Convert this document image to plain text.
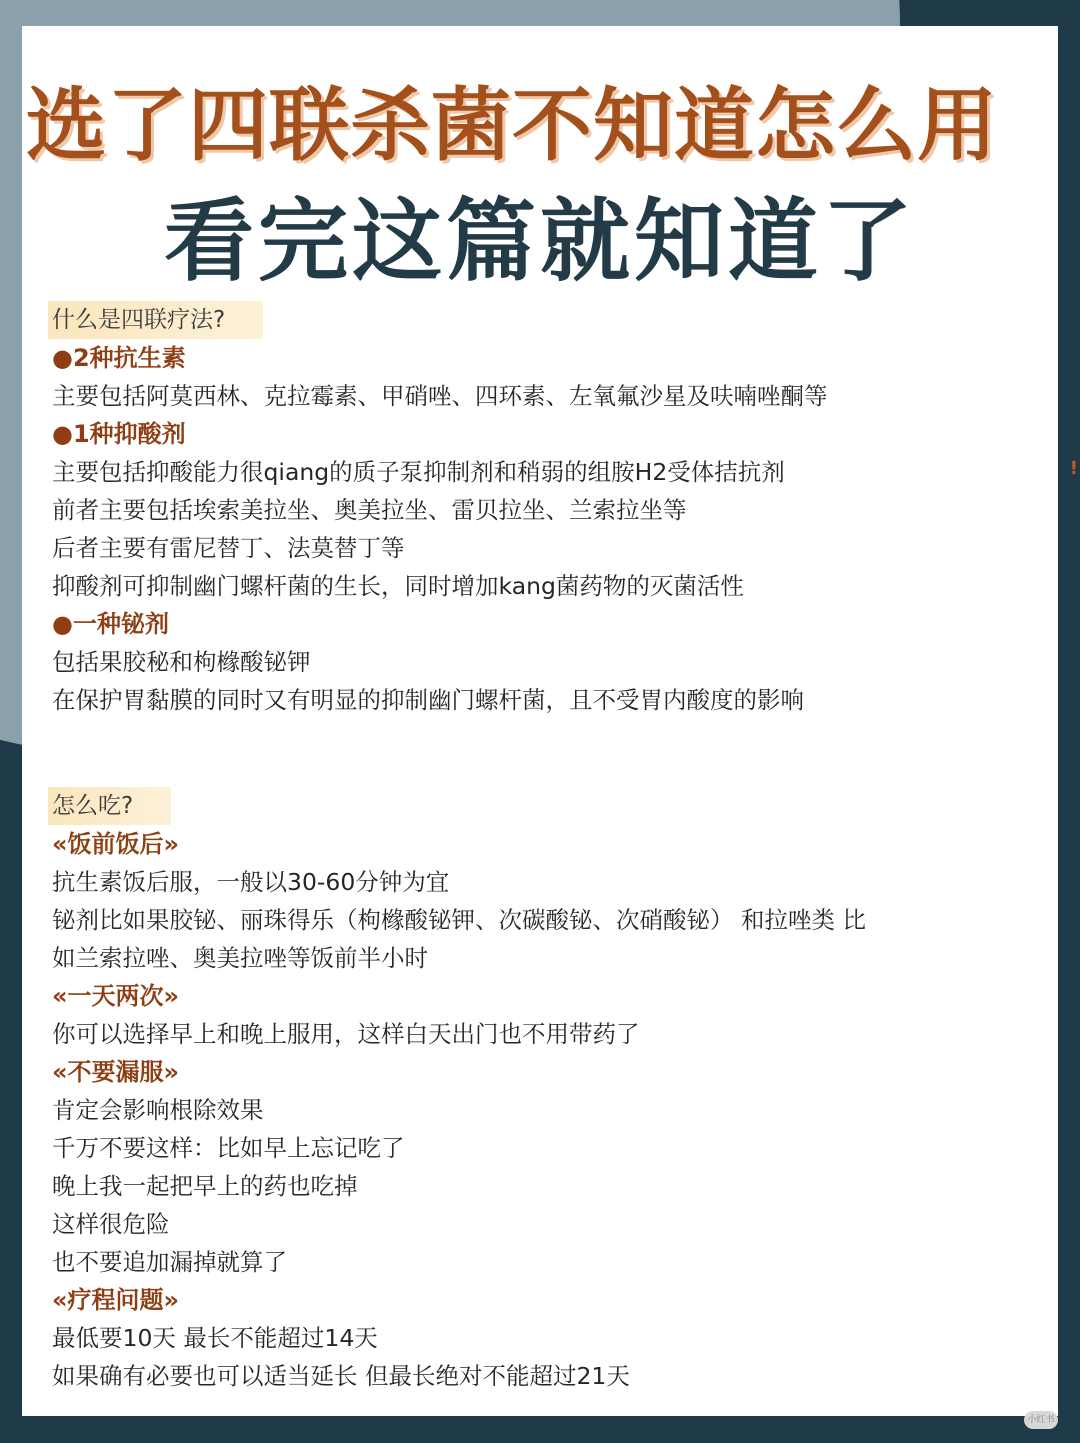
选了四联杀菌不知道怎么用
看完这篇就知道了
什么是四联疗法?
●2种抗生素
主要包括阿莫西林、克拉霉素、甲硝唑、四环素、左氧氟沙星及呋喃唑酮等
●1种抑酸剂
主要包括抑酸能力很qiang的质子泵抑制剂和稍弱的组胺H2受体拮抗剂
前者主要包括埃索美拉坐、奥美拉坐、雷贝拉坐、兰索拉坐等
后者主要有雷尼替丁、法莫替丁等
抑酸剂可抑制幽门螺杆菌的生长，同时增加kang菌药物的灭菌活性
●一种铋剂
包括果胶秘和枸橼酸铋钾
在保护胃黏膜的同时又有明显的抑制幽门螺杆菌，且不受胃内酸度的影响
怎么吃?
«饭前饭后»
抗生素饭后服，一般以30-60分钟为宜
铋剂比如果胶铋、丽珠得乐（枸橼酸铋钾、次碳酸铋、次硝酸铋） 和拉唑类 比
如兰索拉唑、奥美拉唑等饭前半小时
«一天两次»
你可以选择早上和晚上服用，这样白天出门也不用带药了
«不要漏服»
肯定会影响根除效果
千万不要这样：比如早上忘记吃了
晚上我一起把早上的药也吃掉
这样很危险
也不要追加漏掉就算了
«疗程问题»
最低要10天 最长不能超过14天
如果确有必要也可以适当延长 但最长绝对不能超过21天
!
小红书
